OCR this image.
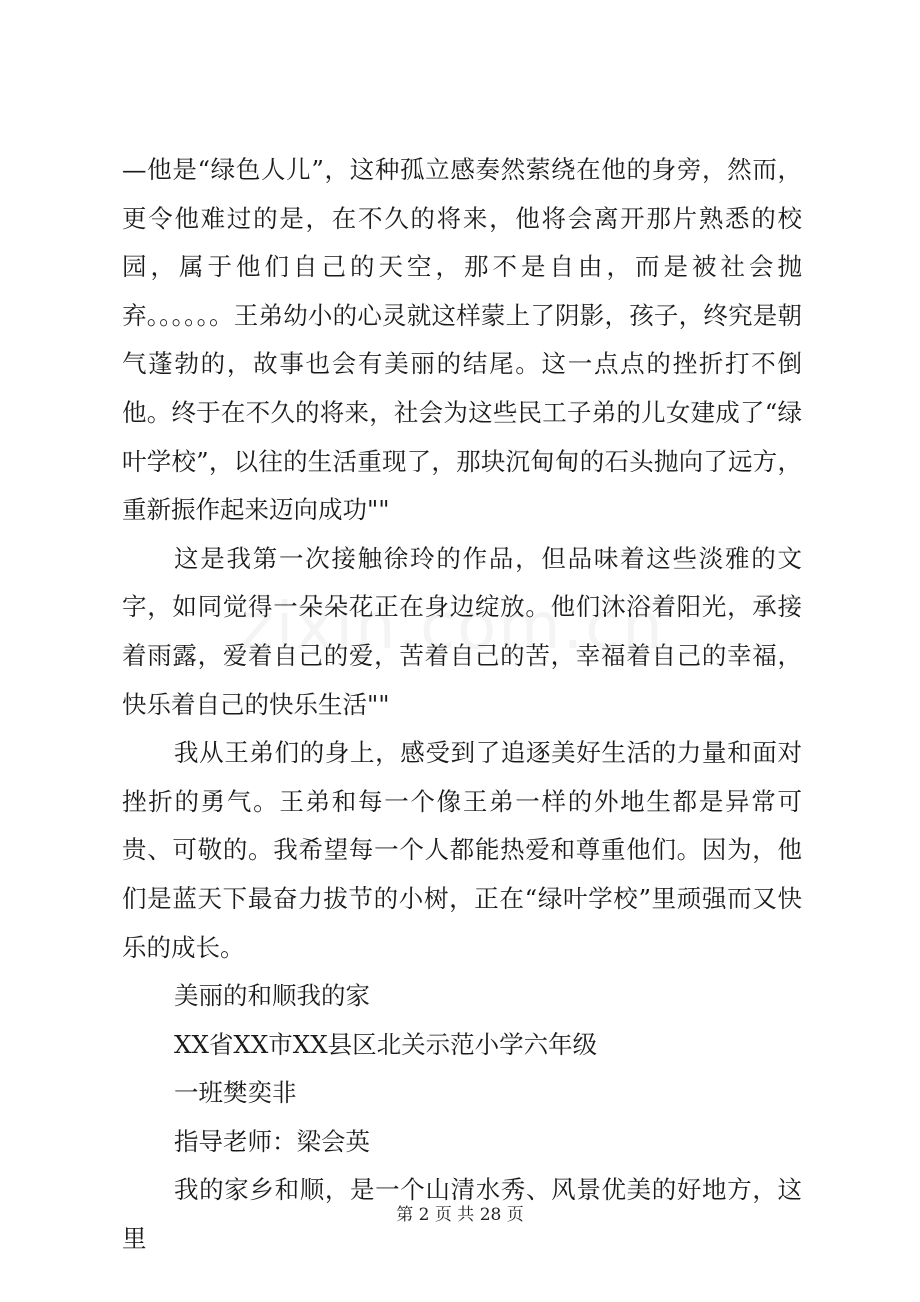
—他是“绿色人儿”，这种孤立感奏然萦绕在他的身旁，然而，更令他难过的是，在不久的将来，他将会离开那片熟悉的校园，属于他们自己的天空，那不是自由，而是被社会抛弃。。。。。。王弟幼小的心灵就这样蒙上了阴影，孩子，终究是朝气蓬勃的，故事也会有美丽的结尾。这一点点的挫折打不倒他。终于在不久的将来，社会为这些民工子弟的儿女建成了“绿叶学校”，以往的生活重现了，那块沉甸甸的石头抛向了远方，重新振作起来迈向成功""

这是我第一次接触徐玲的作品，但品味着这些淡雅的文字，如同觉得一朵朵花正在身边绽放。他们沐浴着阳光，承接着雨露，爱着自己的爱，苦着自己的苦，幸福着自己的幸福，快乐着自己的快乐生活""

我从王弟们的身上，感受到了追逐美好生活的力量和面对挫折的勇气。王弟和每一个像王弟一样的外地生都是异常可贵、可敬的。我希望每一个人都能热爱和尊重他们。因为，他们是蓝天下最奋力拔节的小树，正在“绿叶学校”里顽强而又快乐的成长。

美丽的和顺我的家

XX省XX市XX县区北关示范小学六年级

一班樊奕非

指导老师：梁会英

我的家乡和顺，是一个山清水秀、风景优美的好地方，这里

第 2 页 共 28 页
